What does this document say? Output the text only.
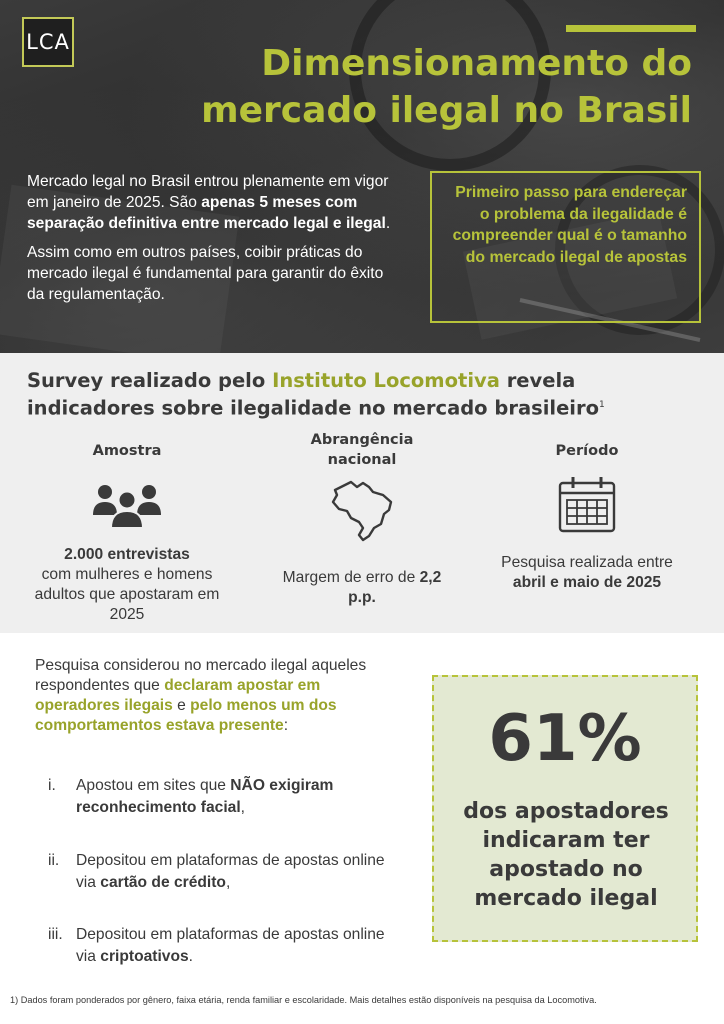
LCA
Dimensionamento do
mercado ilegal no Brasil

Mercado legal no Brasil entrou plenamente em vigor em janeiro de 2025. São apenas 5 meses com separação definitiva entre mercado legal e ilegal.

Assim como em outros países, coibir práticas do mercado ilegal é fundamental para garantir do êxito da regulamentação.

Primeiro passo para endereçar o problema da ilegalidade é compreender qual é o tamanho do mercado ilegal de apostas
Survey realizado pelo Instituto Locomotiva revela indicadores sobre ilegalidade no mercado brasileiro$^1$
Amostra
2.000 entrevistas
com mulheres e homens adultos que apostaram em 2025
Abrangência
nacional
Margem de erro de 2,2 p.p.
Período
Pesquisa realizada entre abril e maio de 2025
Pesquisa considerou no mercado ilegal aqueles respondentes que declaram apostar em operadores ilegais e pelo menos um dos comportamentos estava presente:
i. Apostou em sites que NÃO exigiram reconhecimento facial,
ii. Depositou em plataformas de apostas online via cartão de crédito,
iii. Depositou em plataformas de apostas online via criptoativos.
61%
dos apostadores indicaram ter apostado no mercado ilegal
1) Dados foram ponderados por gênero, faixa etária, renda familiar e escolaridade. Mais detalhes estão disponíveis na pesquisa da Locomotiva.
